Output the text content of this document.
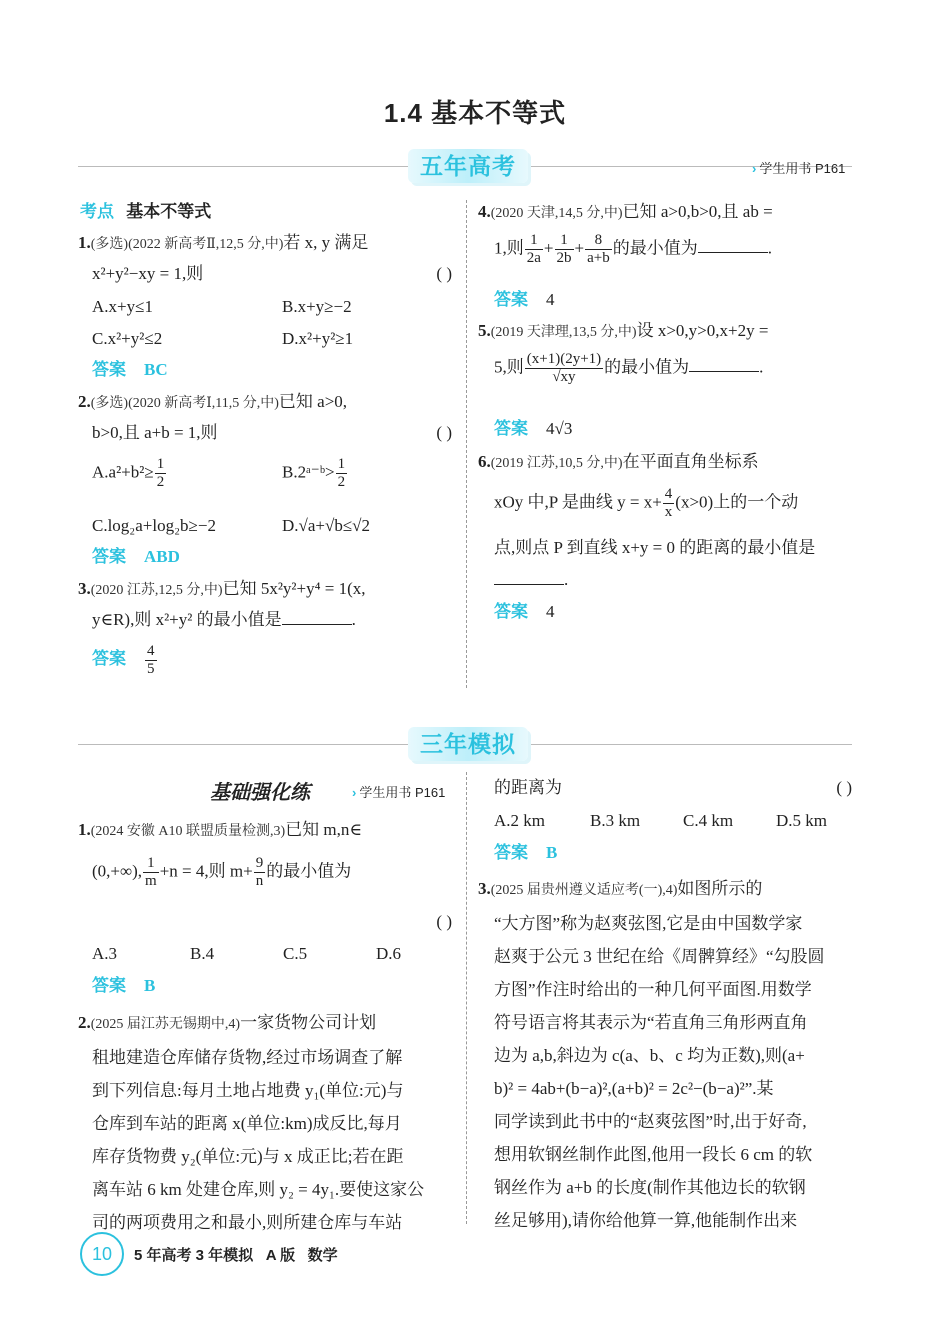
1.4 基本不等式
五年高考	› 学生用书 P161
考点 基本不等式
1.(多选)(2022 新高考Ⅱ,12,5 分,中)若 x, y 满足
x²+y²−xy = 1,则	( )
A.x+y≤1	B.x+y≥−2
C.x²+y²≤2	D.x²+y²≥1
答案 BC
2.(多选)(2020 新高考Ⅰ,11,5 分,中)已知 a>0,
b>0,且 a+b = 1,则	( )
$A.a^2+b^2\ge \frac{1}{2}$	B.2ᵃ⁻ᵇ> $\frac{1}{2}$
C.log₂a+log₂b≥−2	D.√a+√b≤√2
答案 ABD
3.(2020 江苏,12,5 分,中)已知 5x²y²+y⁴ = 1(x,
y∈R),则 x²+y² 的最小值是	.
答案 $\frac{4}{5}$
4.(2020 天津,14,5 分,中)已知 a>0,b>0,且 ab =
1,则 $\frac{1}{2a} + \frac{1}{2b} + \frac{8}{a+b}$ 的最小值为	.
答案 4
5.(2019 天津理,13,5 分,中)设 x>0,y>0,x+2y =
5,则 $\frac{(x+1)(2y+1)}{√xy}$ 的最小值为	.
答案 4√3
6.(2019 江苏,10,5 分,中)在平面直角坐标系
xOy 中,P 是曲线 $y = x+ \frac{4}{x} (x>0)$上的一个动
点,则点 P 到直线 x+y = 0 的距离的最小值是
.
答案 4
三年模拟
基础强化练	› 学生用书 P161
1.(2024 安徽 A10 联盟质量检测,3)已知 m,n∈
(0,+∞), $\frac{1}{m} +n = 4$,则 $m+ \frac{9}{n}$ 的最小值为
( )
A.3	B.4	C.5	D.6
答案 B
2.(2025 届江苏无锡期中,4)一家货物公司计划
租地建造仓库储存货物,经过市场调查了解
到下列信息:每月土地占地费 y₁(单位:元)与
仓库到车站的距离 x(单位:km)成反比,每月
库存货物费 y₂(单位:元)与 x 成正比;若在距
离车站 6 km 处建仓库,则 y₂ = 4y₁.要使这家公
司的两项费用之和最小,则所建仓库与车站
的距离为	( )
A.2 km	B.3 km	C.4 km	D.5 km
答案 B
3.(2025 届贵州遵义适应考(一),4)如图所示的
“大方图”称为赵爽弦图,它是由中国数学家
赵爽于公元 3 世纪在给《周髀算经》“勾股圆
方图”作注时给出的一种几何平面图.用数学
符号语言将其表示为“若直角三角形两直角
边为 a,b,斜边为 c(a、b、c 均为正数),则(a+
b)² = 4ab+(b−a)²,(a+b)² = 2c²−(b−a)²”.某
同学读到此书中的“赵爽弦图”时,出于好奇,
想用软钢丝制作此图,他用一段长 6 cm 的软
钢丝作为 a+b 的长度(制作其他边长的软钢
丝足够用),请你给他算一算,他能制作出来
10	5 年高考 3 年模拟   A 版   数学
